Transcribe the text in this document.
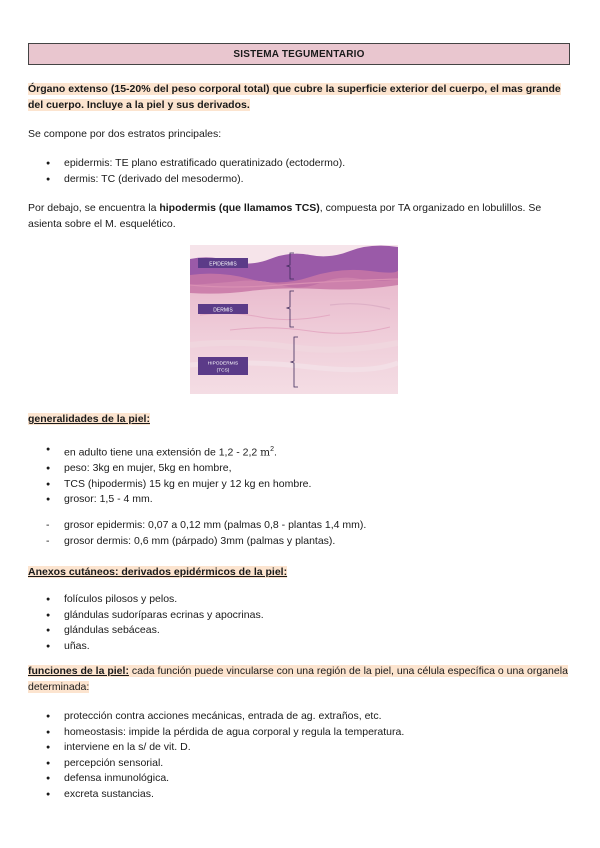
SISTEMA TEGUMENTARIO

Órgano extenso (15-20% del peso corporal total) que cubre la superficie exterior del cuerpo, el mas grande del cuerpo. Incluye a la piel y sus derivados.

Se compone por dos estratos principales:

● epidermis: TE plano estratificado queratinizado (ectodermo).
● dermis: TC (derivado del mesodermo).

Por debajo, se encuentra la hipodermis (que llamamos TCS), compuesta por TA organizado en lobulillos. Se asienta sobre el M. esquelético.

EPIDERMIS
DERMIS
HIPODERMIS
(TCS)

generalidades de la piel:

● en adulto tiene una extensión de 1,2 - 2,2 $m^2$.
● peso: 3kg en mujer, 5kg en hombre,
● TCS (hipodermis) 15 kg en mujer y 12 kg en hombre.
● grosor: 1,5 - 4 mm.
- grosor epidermis: 0,07 a 0,12 mm (palmas 0,8 - plantas 1,4 mm).
- grosor dermis: 0,6 mm (párpado) 3mm (palmas y plantas).

Anexos cutáneos: derivados epidérmicos de la piel:

● folículos pilosos y pelos.
● glándulas sudoríparas ecrinas y apocrinas.
● glándulas sebáceas.
● uñas.

funciones de la piel: cada función puede vincularse con una región de la piel, una célula específica o una organela determinada:

● protección contra acciones mecánicas, entrada de ag. extraños, etc.
● homeostasis: impide la pérdida de agua corporal y regula la temperatura.
● interviene en la s/ de vit. D.
● percepción sensorial.
● defensa inmunológica.
● excreta sustancias.
